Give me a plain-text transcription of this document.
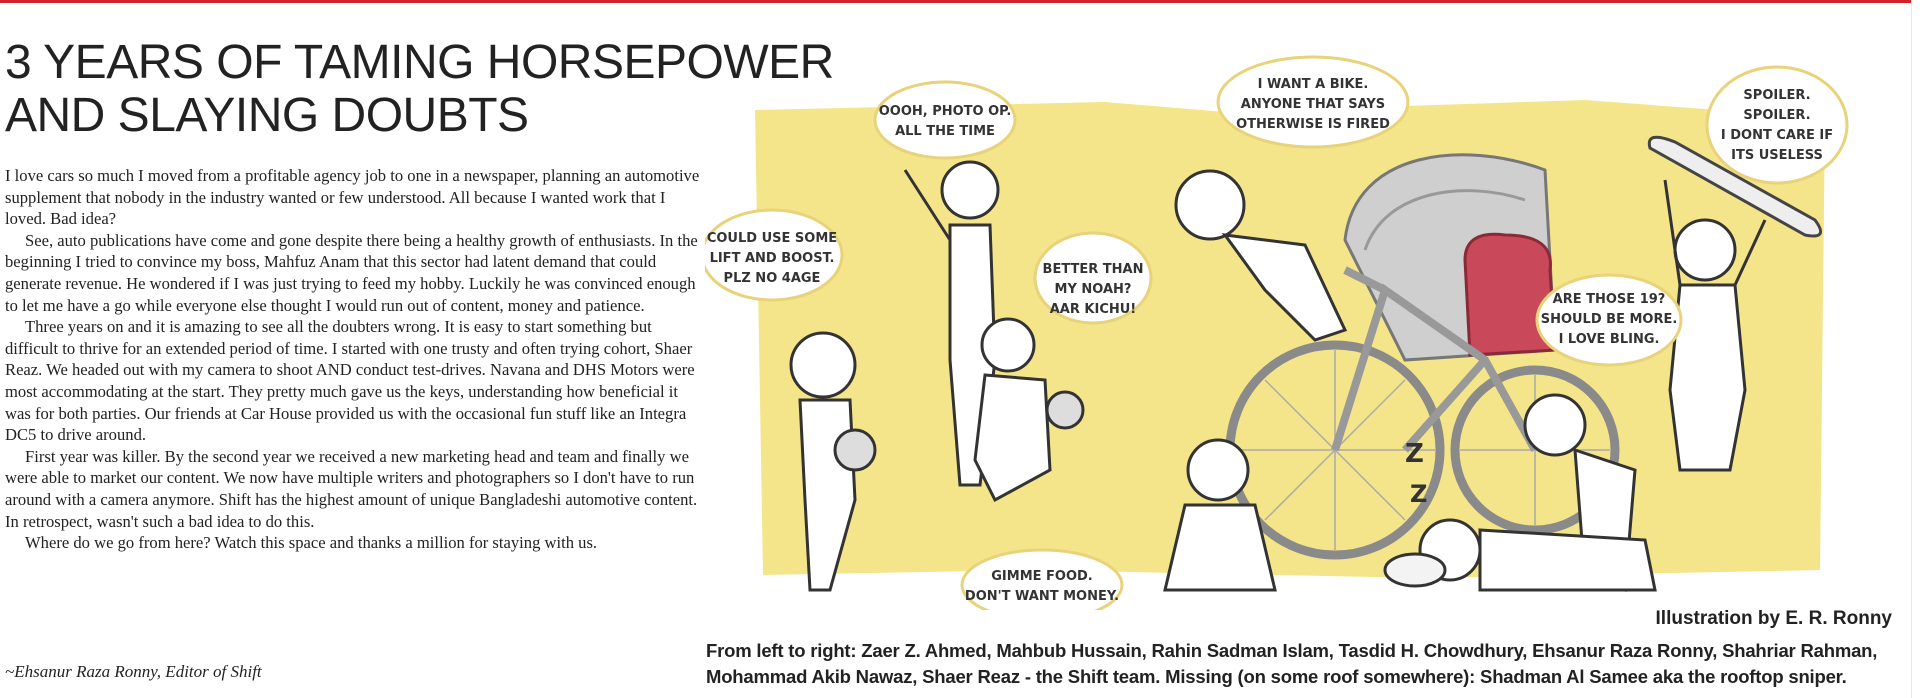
3 YEARS OF TAMING HORSEPOWER AND SLAYING DOUBTS

I love cars so much I moved from a profitable agency job to one in a newspaper, planning an automotive supplement that nobody in the industry wanted or few understood. All because I wanted work that I loved. Bad idea?

See, auto publications have come and gone despite there being a healthy growth of enthusiasts. In the beginning I tried to convince my boss, Mahfuz Anam that this sector had latent demand that could generate revenue. He wondered if I was just trying to feed my hobby. Luckily he was convinced enough to let me have a go while everyone else thought I would run out of content, money and patience.

Three years on and it is amazing to see all the doubters wrong. It is easy to start something but difficult to thrive for an extended period of time. I started with one trusty and often trying cohort, Shaer Reaz. We headed out with my camera to shoot AND conduct test-drives. Navana and DHS Motors were most accommodating at the start. They pretty much gave us the keys, understanding how beneficial it was for both parties. Our friends at Car House provided us with the occasional fun stuff like an Integra DC5 to drive around.

First year was killer. By the second year we received a new marketing head and team and finally we were able to market our content. We now have multiple writers and photographers so I don't have to run around with a camera anymore. Shift has the highest amount of unique Bangladeshi automotive content. In retrospect, wasn't such a bad idea to do this.

Where do we go from here? Watch this space and thanks a million for staying with us.

~Ehsanur Raza Ronny, Editor of Shift
Z
Z
COULD USE SOME
LIFT AND BOOST.
PLZ NO 4AGE
OOOH, PHOTO OP.
ALL THE TIME
BETTER THAN
MY NOAH?
AAR KICHU!
I WANT A BIKE.
ANYONE THAT SAYS
OTHERWISE IS FIRED
SPOILER.
SPOILER.
I DONT CARE IF
ITS USELESS
ARE THOSE 19?
SHOULD BE MORE.
I LOVE BLING.
GIMME FOOD.
DON'T WANT MONEY.
Illustration by E. R. Ronny
From left to right: Zaer Z. Ahmed, Mahbub Hussain, Rahin Sadman Islam, Tasdid H. Chowdhury, Ehsanur Raza Ronny, Shahriar Rahman, Mohammad Akib Nawaz, Shaer Reaz - the Shift team. Missing (on some roof somewhere): Shadman Al Samee aka the rooftop sniper.
